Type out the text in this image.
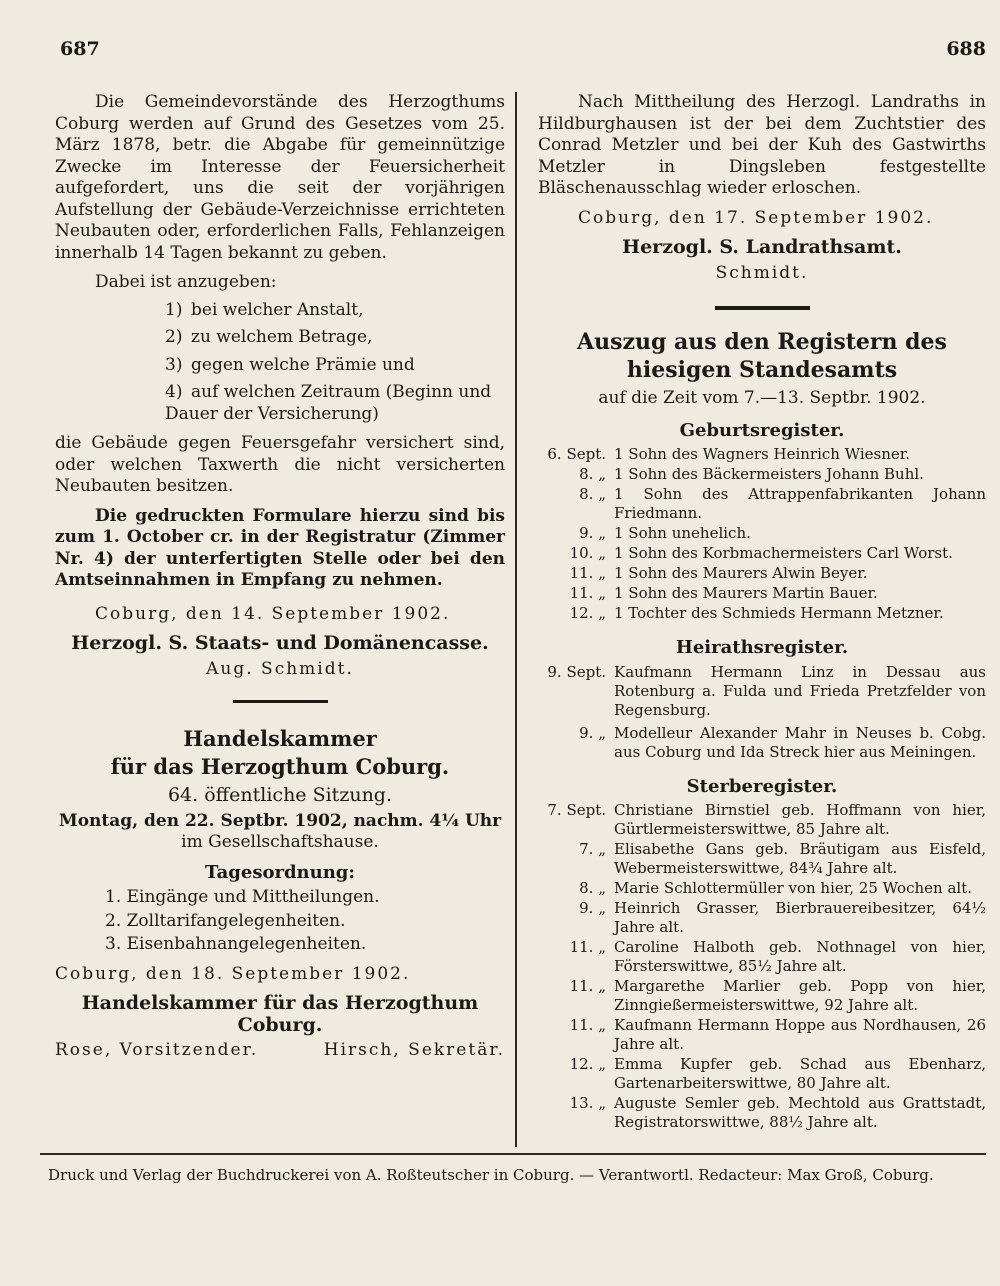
687	688

Die Gemeindevorstände des Herzogthums Coburg werden auf Grund des Gesetzes vom 25. März 1878, betr. die Abgabe für gemeinnützige Zwecke im Interesse der Feuersicherheit aufgefordert, uns die seit der vorjährigen Aufstellung der Gebäude-Verzeichnisse errichteten Neubauten oder, erforderlichen Falls, Fehlanzeigen innerhalb 14 Tagen bekannt zu geben.

Dabei ist anzugeben:

1) bei welcher Anstalt,
2) zu welchem Betrage,
3) gegen welche Prämie und
4) auf welchen Zeitraum (Beginn und Dauer der Versicherung)

die Gebäude gegen Feuersgefahr versichert sind, oder welchen Taxwerth die nicht versicherten Neubauten besitzen.

Die gedruckten Formulare hierzu sind bis zum 1. October cr. in der Registratur (Zimmer Nr. 4) der unterfertigten Stelle oder bei den Amtseinnahmen in Empfang zu nehmen.

Coburg, den 14. September 1902.

Herzogl. S. Staats- und Domänencasse.

Aug. Schmidt.

Handelskammer

für das Herzogthum Coburg.

64. öffentliche Sitzung.

Montag, den 22. Septbr. 1902, nachm. 4¼ Uhr

im Gesellschaftshause.

Tagesordnung:

1. Eingänge und Mittheilungen.
2. Zolltarifangelegenheiten.
3. Eisenbahnangelegenheiten.

Coburg, den 18. September 1902.

Handelskammer für das Herzogthum Coburg.

Rose, Vorsitzender.	Hirsch, Sekretär.

Nach Mittheilung des Herzogl. Landraths in Hildburghausen ist der bei dem Zuchtstier des Conrad Metzler und bei der Kuh des Gastwirths Metzler in Dingsleben festgestellte Bläschenausschlag wieder erloschen.

Coburg, den 17. September 1902.

Herzogl. S. Landrathsamt.

Schmidt.

Auszug aus den Registern des hiesigen Standesamts

auf die Zeit vom 7.—13. Septbr. 1902.

Geburtsregister.
6. Sept. 1 Sohn des Wagners Heinrich Wiesner.
8. „ 1 Sohn des Bäckermeisters Johann Buhl.
8. „ 1 Sohn des Attrappenfabrikanten Johann Friedmann.
9. „ 1 Sohn unehelich.
10. „ 1 Sohn des Korbmachermeisters Carl Worst.
11. „ 1 Sohn des Maurers Alwin Beyer.
11. „ 1 Sohn des Maurers Martin Bauer.
12. „ 1 Tochter des Schmieds Hermann Metzner.
Heirathsregister.
9. Sept. Kaufmann Hermann Linz in Dessau aus Rotenburg a. Fulda und Frieda Pretzfelder von Regensburg.
9. „ Modelleur Alexander Mahr in Neuses b. Cobg. aus Coburg und Ida Streck hier aus Meiningen.
Sterberegister.
7. Sept. Christiane Birnstiel geb. Hoffmann von hier, Gürtlermeisterswittwe, 85 Jahre alt.
7. „ Elisabethe Gans geb. Bräutigam aus Eisfeld, Webermeisterswittwe, 84¾ Jahre alt.
8. „ Marie Schlottermüller von hier, 25 Wochen alt.
9. „ Heinrich Grasser, Bierbrauereibesitzer, 64½ Jahre alt.
11. „ Caroline Halboth geb. Nothnagel von hier, Försterswittwe, 85½ Jahre alt.
11. „ Margarethe Marlier geb. Popp von hier, Zinngießermeisterswittwe, 92 Jahre alt.
11. „ Kaufmann Hermann Hoppe aus Nordhausen, 26 Jahre alt.
12. „ Emma Kupfer geb. Schad aus Ebenharz, Gartenarbeiterswittwe, 80 Jahre alt.
13. „ Auguste Semler geb. Mechtold aus Grattstadt, Registratorswittwe, 88½ Jahre alt.
Druck und Verlag der Buchdruckerei von A. Roßteutscher in Coburg. — Verantwortl. Redacteur: Max Groß, Coburg.
